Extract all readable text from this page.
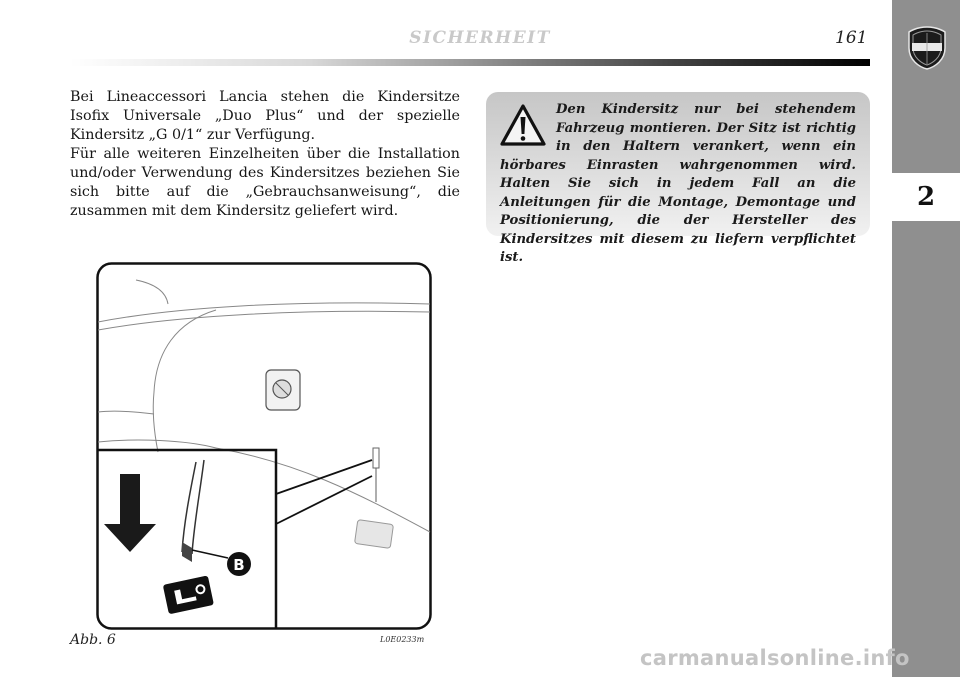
SICHERHEIT	161
2

Bei Lineaccessori Lancia stehen die Kindersitze Isofix Universale „Duo Plus“ und der spezielle Kindersitz „G 0/1“ zur Verfügung.

Für alle weiteren Einzelheiten über die Installation und/oder Verwendung des Kindersitzes beziehen Sie sich bitte auf die „Gebrauchsanweisung“, die zusammen mit dem Kindersitz geliefert wird.

Den Kindersitz nur bei stehendem Fahrzeug montieren. Der Sitz ist richtig in den Haltern verankert, wenn ein hörbares Einrasten wahrgenommen wird. Halten Sie sich in jedem Fall an die Anleitungen für die Montage, Demontage und Positionierung, die der Hersteller des Kindersitzes mit diesem zu liefern verpflichtet ist.

B
Abb. 6	L0E0233m
carmanualsonline.info
